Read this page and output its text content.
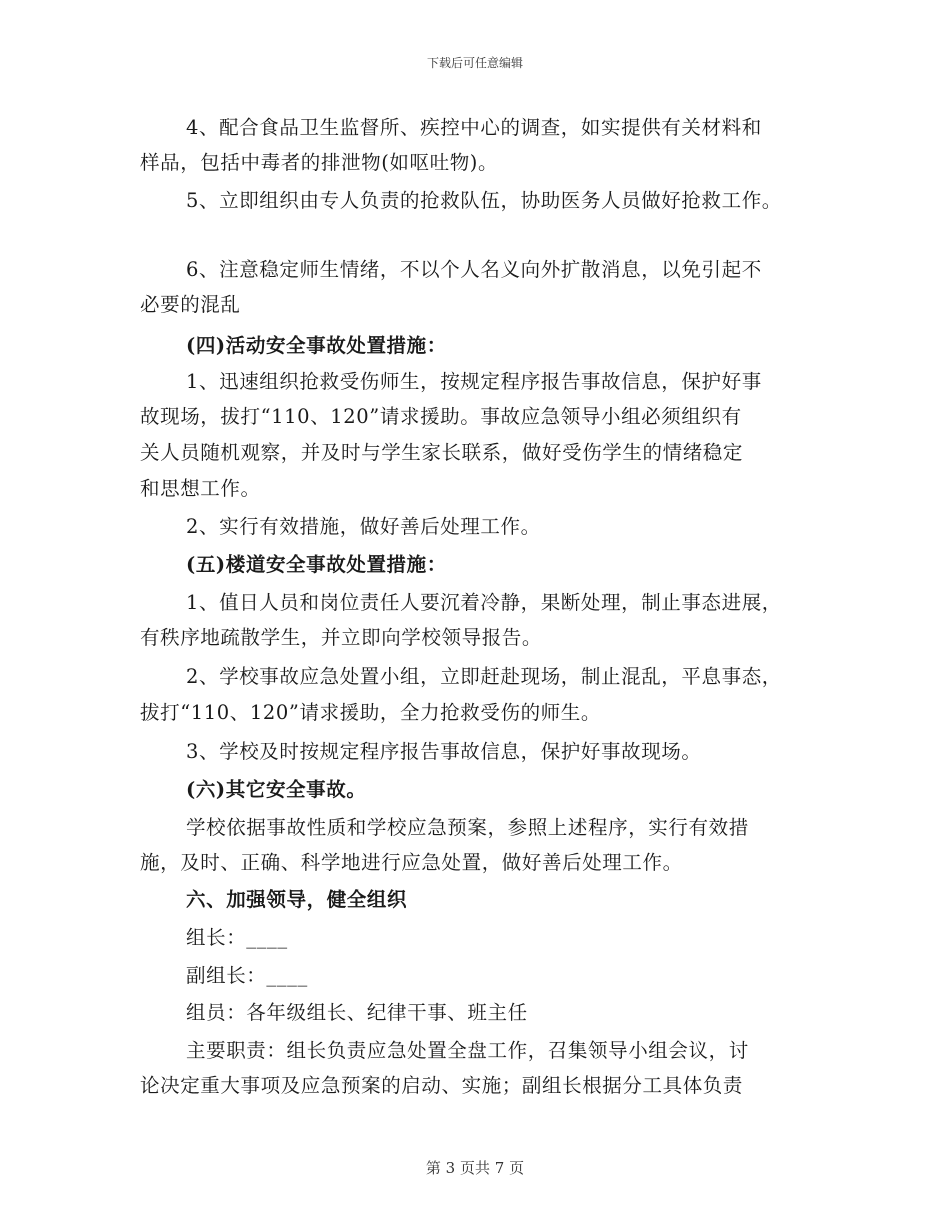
下载后可任意编辑
4、配合食品卫生监督所、疾控中心的调查，如实提供有关材料和
样品，包括中毒者的排泄物(如呕吐物)。
5、立即组织由专人负责的抢救队伍，协助医务人员做好抢救工作。
6、注意稳定师生情绪，不以个人名义向外扩散消息，以免引起不
必要的混乱
(四)活动安全事故处置措施：
1、迅速组织抢救受伤师生，按规定程序报告事故信息，保护好事
故现场，拔打“110、120”请求援助。事故应急领导小组必须组织有
关人员随机观察，并及时与学生家长联系，做好受伤学生的情绪稳定
和思想工作。
2、实行有效措施，做好善后处理工作。
(五)楼道安全事故处置措施：
1、值日人员和岗位责任人要沉着冷静，果断处理，制止事态进展，
有秩序地疏散学生，并立即向学校领导报告。
2、学校事故应急处置小组，立即赶赴现场，制止混乱，平息事态，
拔打“110、120”请求援助，全力抢救受伤的师生。
3、学校及时按规定程序报告事故信息，保护好事故现场。
(六)其它安全事故。
学校依据事故性质和学校应急预案，参照上述程序，实行有效措
施，及时、正确、科学地进行应急处置，做好善后处理工作。
六、加强领导，健全组织
组长：____
副组长：____
组员：各年级组长、纪律干事、班主任
主要职责：组长负责应急处置全盘工作，召集领导小组会议，讨
论决定重大事项及应急预案的启动、实施；副组长根据分工具体负责
第 3 页共 7 页
